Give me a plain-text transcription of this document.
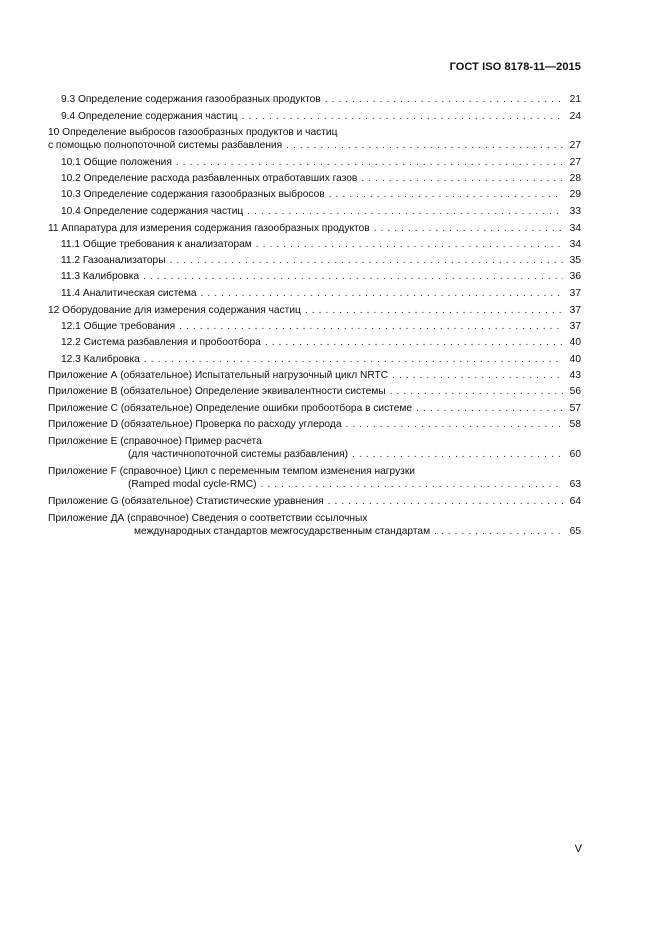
ГОСТ ISO 8178-11—2015
9.3 Определение содержания газообразных продуктов . . .	21
9.4 Определение содержания частиц . . .	24
10 Определение выбросов газообразных продуктов и частиц
с помощью полнопоточной системы разбавления . . .	27
10.1 Общие положения . . .	27
10.2 Определение расхода разбавленных отработавших газов . . .	28
10.3 Определение содержания газообразных выбросов . . .	29
10.4 Определение содержания частиц . . .	33
11 Аппаратура для измерения содержания газообразных продуктов . . .	34
11.1 Общие требования к анализаторам . . .	34
11.2 Газоанализаторы . . .	35
11.3 Калибровка . . .	36
11.4 Аналитическая система . . .	37
12 Оборудование для измерения содержания частиц . . .	37
12.1 Общие требования . . .	37
12.2 Система разбавления и пробоотбора . . .	40
12.3 Калибровка . . .	40
Приложение А (обязательное) Испытательный нагрузочный цикл NRTC . . .	43
Приложение В (обязательное) Определение эквивалентности системы . . .	56
Приложение С (обязательное) Определение ошибки пробоотбора в системе . . .	57
Приложение D (обязательное) Проверка по расходу углерода . . .	58
Приложение Е (справочное) Пример расчета
(для частичнопоточной системы разбавления) . . .	60
Приложение F (справочное) Цикл с переменным темпом изменения нагрузки
(Ramped modal cycle-RMC) . . .	63
Приложение G (обязательное) Статистические уравнения . . .	64
Приложение ДА (справочное) Сведения о соответствии ссылочных
международных стандартов межгосударственным стандартам . . .	65
V
